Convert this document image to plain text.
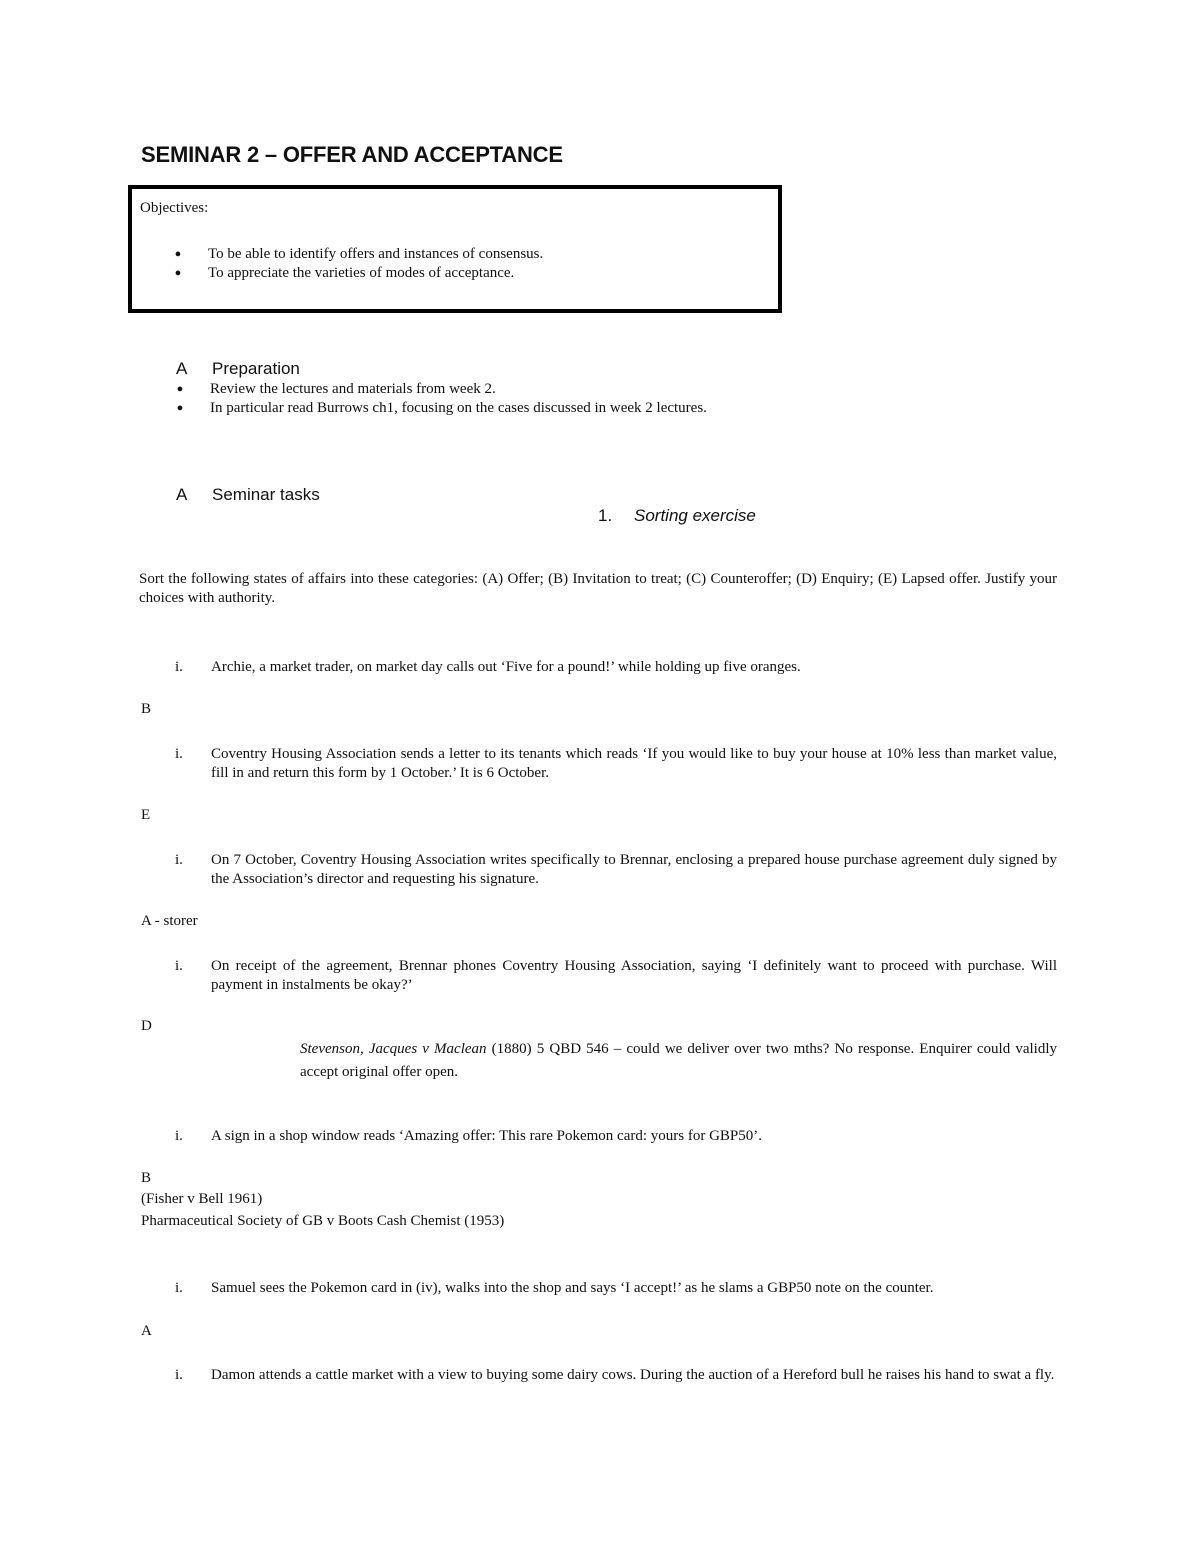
SEMINAR 2 – OFFER AND ACCEPTANCE
Objectives:
● To be able to identify offers and instances of consensus.
● To appreciate the varieties of modes of acceptance.
A Preparation
● Review the lectures and materials from week 2.
● In particular read Burrows ch1, focusing on the cases discussed in week 2 lectures.
A Seminar tasks
1. Sorting exercise
Sort the following states of affairs into these categories: (A) Offer; (B) Invitation to treat; (C) Counteroffer; (D) Enquiry; (E) Lapsed offer. Justify your choices with authority.
i. Archie, a market trader, on market day calls out ‘Five for a pound!’ while holding up five oranges.
B
i. Coventry Housing Association sends a letter to its tenants which reads ‘If you would like to buy your house at 10% less than market value, fill in and return this form by 1 October.’ It is 6 October.
E
i. On 7 October, Coventry Housing Association writes specifically to Brennar, enclosing a prepared house purchase agreement duly signed by the Association’s director and requesting his signature.
A - storer
i. On receipt of the agreement, Brennar phones Coventry Housing Association, saying ‘I definitely want to proceed with purchase. Will payment in instalments be okay?’
D
Stevenson, Jacques v Maclean (1880) 5 QBD 546 – could we deliver over two mths? No response. Enquirer could validly accept original offer open.
i. A sign in a shop window reads ‘Amazing offer: This rare Pokemon card: yours for GBP50’.
B
(Fisher v Bell 1961)
Pharmaceutical Society of GB v Boots Cash Chemist (1953)
i. Samuel sees the Pokemon card in (iv), walks into the shop and says ‘I accept!’ as he slams a GBP50 note on the counter.
A
i. Damon attends a cattle market with a view to buying some dairy cows. During the auction of a Hereford bull he raises his hand to swat a fly.
